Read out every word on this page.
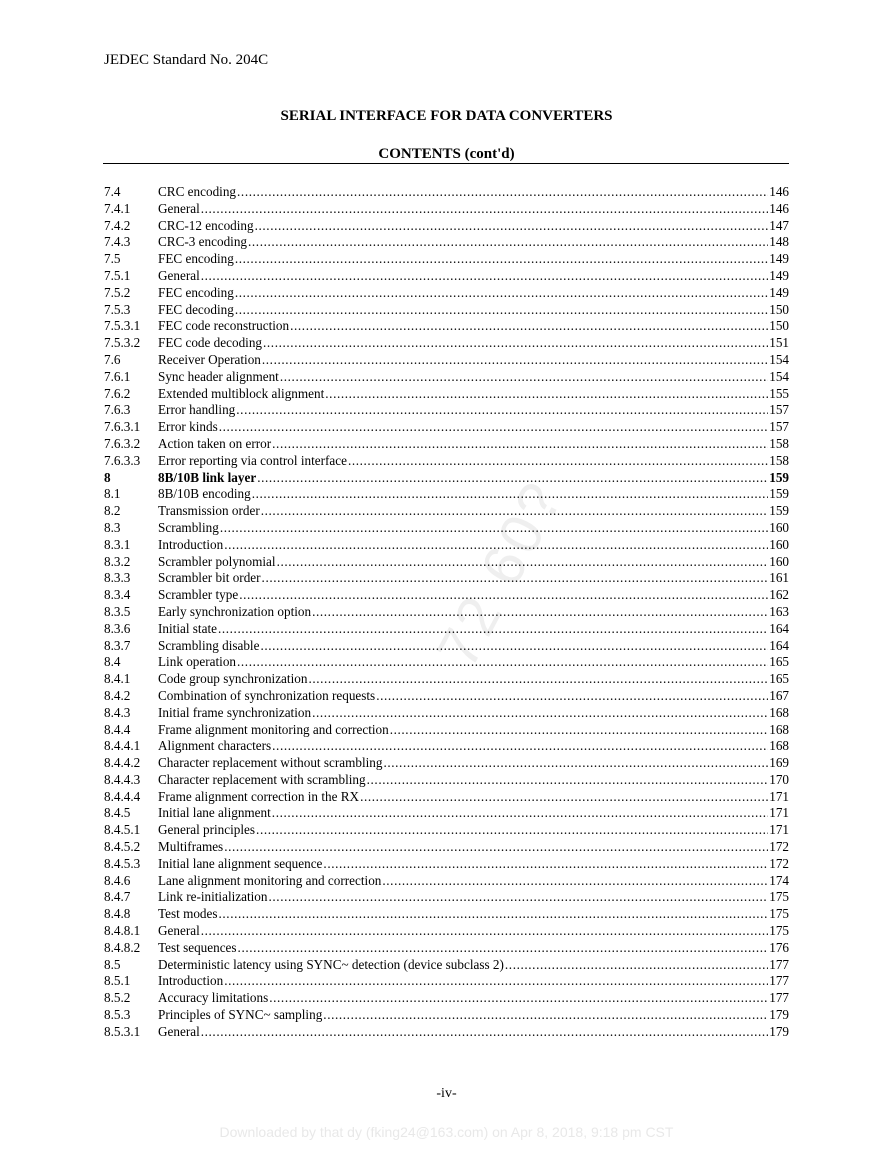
JEDEC Standard No. 204C
SERIAL INTERFACE FOR DATA CONVERTERS
CONTENTS (cont'd)
72 60?
7.4	CRC encoding .....	146
7.4.1	General .....	146
7.4.2	CRC-12 encoding .....	147
7.4.3	CRC-3 encoding .....	148
7.5	FEC encoding .....	149
7.5.1	General .....	149
7.5.2	FEC encoding .....	149
7.5.3	FEC decoding .....	150
7.5.3.1	FEC code reconstruction .....	150
7.5.3.2	FEC code decoding .....	151
7.6	Receiver Operation .....	154
7.6.1	Sync header alignment .....	154
7.6.2	Extended multiblock alignment .....	155
7.6.3	Error handling .....	157
7.6.3.1	Error kinds .....	157
7.6.3.2	Action taken on error .....	158
7.6.3.3	Error reporting via control interface .....	158
8	8B/10B link layer .....	159
8.1	8B/10B encoding .....	159
8.2	Transmission order .....	159
8.3	Scrambling .....	160
8.3.1	Introduction .....	160
8.3.2	Scrambler polynomial .....	160
8.3.3	Scrambler bit order .....	161
8.3.4	Scrambler type .....	162
8.3.5	Early synchronization option .....	163
8.3.6	Initial state .....	164
8.3.7	Scrambling disable .....	164
8.4	Link operation .....	165
8.4.1	Code group synchronization .....	165
8.4.2	Combination of synchronization requests .....	167
8.4.3	Initial frame synchronization .....	168
8.4.4	Frame alignment monitoring and correction .....	168
8.4.4.1	Alignment characters .....	168
8.4.4.2	Character replacement without scrambling .....	169
8.4.4.3	Character replacement with scrambling .....	170
8.4.4.4	Frame alignment correction in the RX .....	171
8.4.5	Initial lane alignment .....	171
8.4.5.1	General principles .....	171
8.4.5.2	Multiframes .....	172
8.4.5.3	Initial lane alignment sequence .....	172
8.4.6	Lane alignment monitoring and correction .....	174
8.4.7	Link re-initialization .....	175
8.4.8	Test modes .....	175
8.4.8.1	General .....	175
8.4.8.2	Test sequences .....	176
8.5	Deterministic latency using SYNC~ detection (device subclass 2) .....	177
8.5.1	Introduction .....	177
8.5.2	Accuracy limitations .....	177
8.5.3	Principles of SYNC~ sampling .....	179
8.5.3.1	General .....	179
-iv-
Downloaded by that dy (fking24@163.com) on Apr 8, 2018, 9:18 pm CST
